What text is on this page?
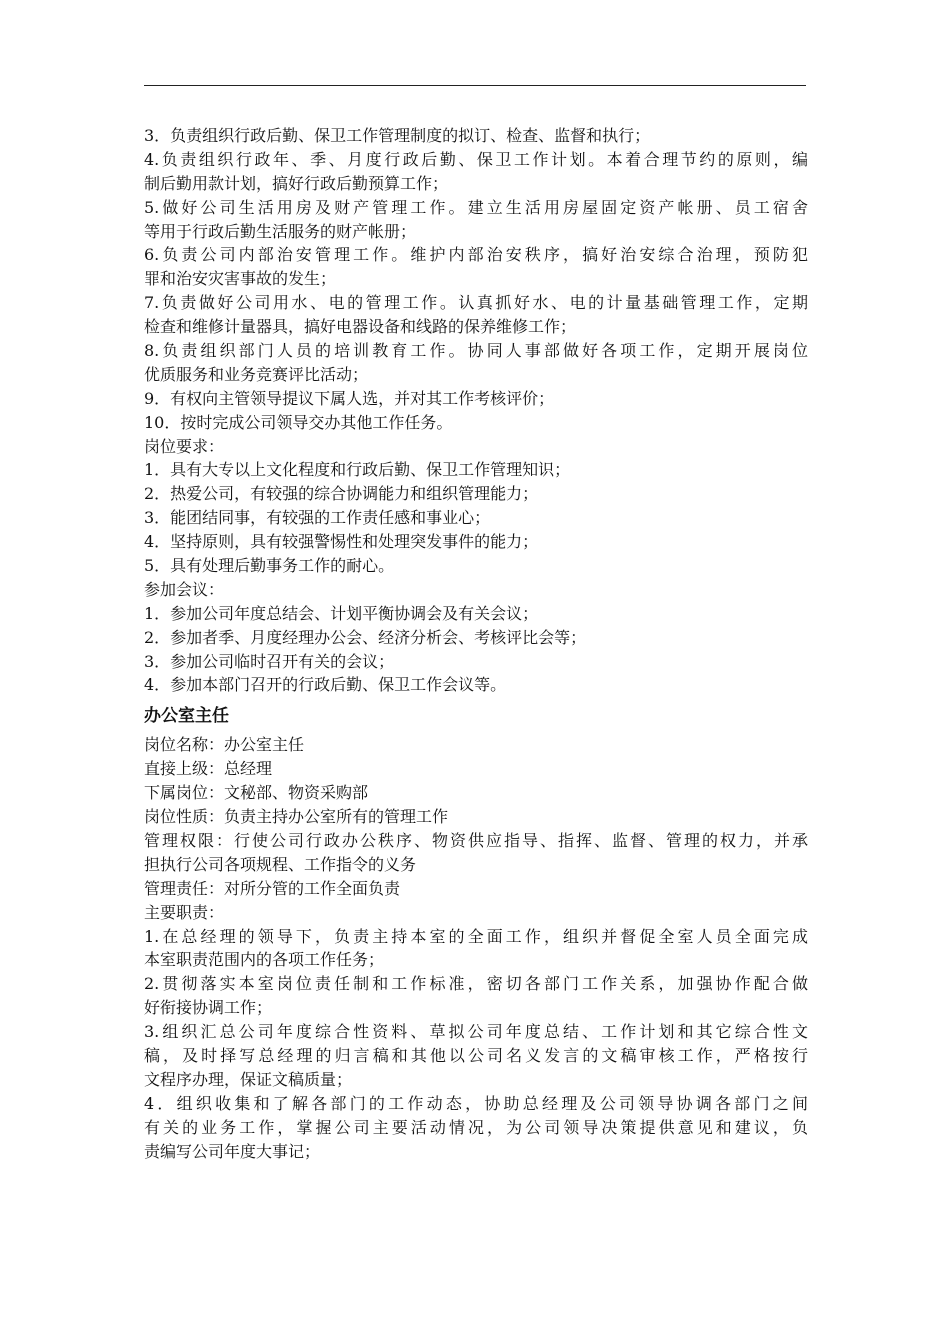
3．负责组织行政后勤、保卫工作管理制度的拟订、检查、监督和执行；
4.负责组织行政年、季、月度行政后勤、保卫工作计划。本着合理节约的原则，编
制后勤用款计划，搞好行政后勤预算工作；
5.做好公司生活用房及财产管理工作。建立生活用房屋固定资产帐册、员工宿舍
等用于行政后勤生活服务的财产帐册；
6.负责公司内部治安管理工作。维护内部治安秩序，搞好治安综合治理，预防犯
罪和治安灾害事故的发生；
7.负责做好公司用水、电的管理工作。认真抓好水、电的计量基础管理工作，定期
检查和维修计量器具，搞好电器设备和线路的保养维修工作；
8.负责组织部门人员的培训教育工作。协同人事部做好各项工作，定期开展岗位
优质服务和业务竞赛评比活动；
9．有权向主管领导提议下属人选，并对其工作考核评价；
10．按时完成公司领导交办其他工作任务。
岗位要求：
1．具有大专以上文化程度和行政后勤、保卫工作管理知识；
2．热爱公司，有较强的综合协调能力和组织管理能力；
3．能团结同事，有较强的工作责任感和事业心；
4．坚持原则，具有较强警惕性和处理突发事件的能力；
5．具有处理后勤事务工作的耐心。
参加会议：
1．参加公司年度总结会、计划平衡协调会及有关会议；
2．参加者季、月度经理办公会、经济分析会、考核评比会等；
3．参加公司临时召开有关的会议；
4．参加本部门召开的行政后勤、保卫工作会议等。
办公室主任
岗位名称：办公室主任
直接上级：总经理
下属岗位：文秘部、物资采购部
岗位性质：负责主持办公室所有的管理工作
管理权限：行使公司行政办公秩序、物资供应指导、指挥、监督、管理的权力，并承
担执行公司各项规程、工作指令的义务
管理责任：对所分管的工作全面负责
主要职责：
1.在总经理的领导下，负责主持本室的全面工作，组织并督促全室人员全面完成
本室职责范围内的各项工作任务；
2.贯彻落实本室岗位责任制和工作标准，密切各部门工作关系，加强协作配合做
好衔接协调工作；
3.组织汇总公司年度综合性资料、草拟公司年度总结、工作计划和其它综合性文
稿，及时择写总经理的归言稿和其他以公司名义发言的文稿审核工作，严格按行
文程序办理，保证文稿质量；
4．组织收集和了解各部门的工作动态，协助总经理及公司领导协调各部门之间
有关的业务工作，掌握公司主要活动情况，为公司领导决策提供意见和建议，负
责编写公司年度大事记；
